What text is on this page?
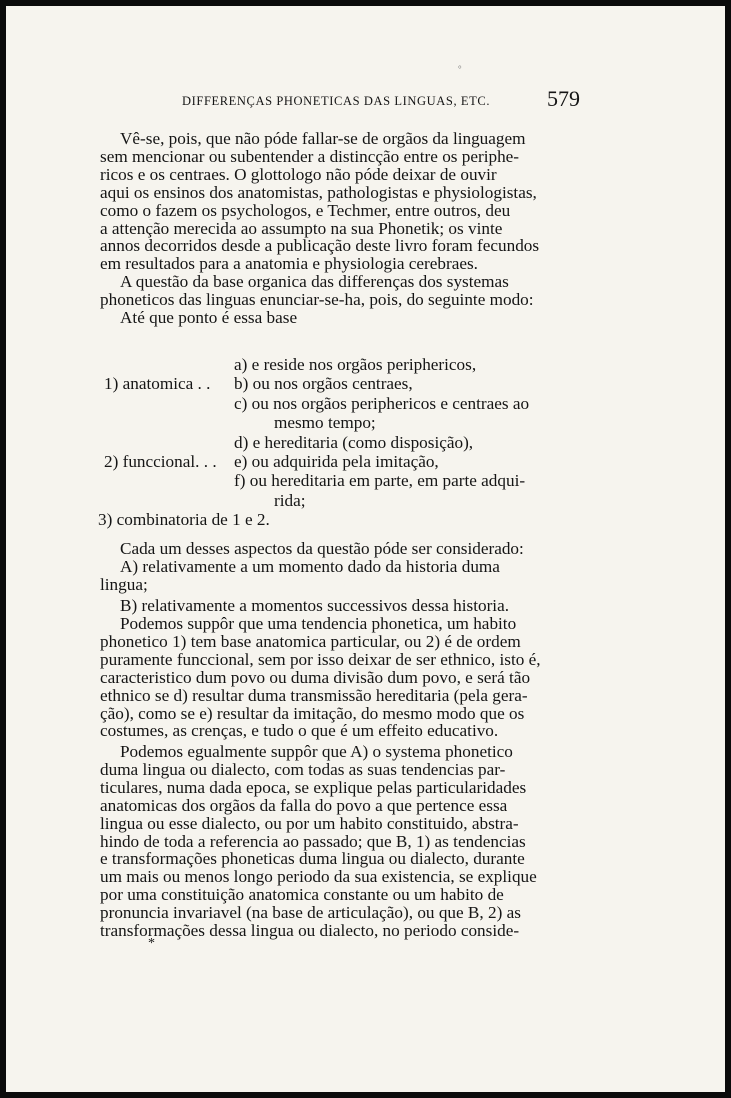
°
DIFFERENÇAS PHONETICAS DAS LINGUAS, ETC.	579

Vê-se, pois, que não póde fallar-se de orgãos da linguagem
sem mencionar ou subentender a distincção entre os periphe-
ricos e os centraes. O glottologo não póde deixar de ouvir
aqui os ensinos dos anatomistas, pathologistas e physiologistas,
como o fazem os psychologos, e Techmer, entre outros, deu
a attenção merecida ao assumpto na sua Phonetik; os vinte
annos decorridos desde a publicação deste livro foram fecundos
em resultados para a anatomia e physiologia cerebraes.

A questão da base organica das differenças dos systemas
phoneticos das linguas enunciar-se-ha, pois, do seguinte modo:

Até que ponto é essa base

a) e reside nos orgãos periphericos,
1) anatomica . . b) ou nos orgãos centraes,
c) ou nos orgãos periphericos e centraes ao
mesmo tempo;
d) e hereditaria (como disposição),
2) funccional. . . e) ou adquirida pela imitação,
f) ou hereditaria em parte, em parte adqui-
rida;
3) combinatoria de 1 e 2.

Cada um desses aspectos da questão póde ser considerado:
A) relativamente a um momento dado da historia duma
lingua;

B) relativamente a momentos successivos dessa historia.

Podemos suppôr que uma tendencia phonetica, um habito
phonetico 1) tem base anatomica particular, ou 2) é de ordem
puramente funccional, sem por isso deixar de ser ethnico, isto é,
caracteristico dum povo ou duma divisão dum povo, e será tão
ethnico se d) resultar duma transmissão hereditaria (pela gera-
ção), como se e) resultar da imitação, do mesmo modo que os
costumes, as crenças, e tudo o que é um effeito educativo.

Podemos egualmente suppôr que A) o systema phonetico
duma lingua ou dialecto, com todas as suas tendencias par-
ticulares, numa dada epoca, se explique pelas particularidades
anatomicas dos orgãos da falla do povo a que pertence essa
lingua ou esse dialecto, ou por um habito constituido, abstra-
hindo de toda a referencia ao passado; que B, 1) as tendencias
e transformações phoneticas duma lingua ou dialecto, durante
um mais ou menos longo periodo da sua existencia, se explique
por uma constituição anatomica constante ou um habito de
pronuncia invariavel (na base de articulação), ou que B, 2) as
transformações dessa lingua ou dialecto, no periodo conside-

*
